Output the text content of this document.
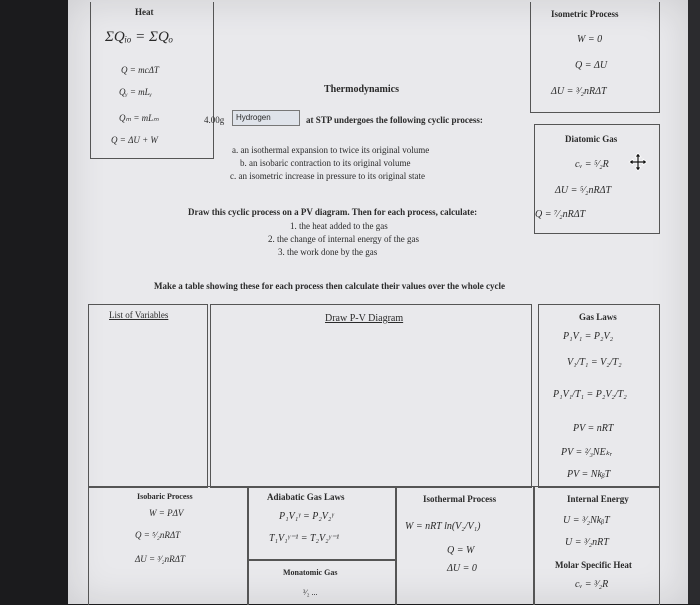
Heat
ΣQᵢₒ = ΣQₒ
Q = mcΔT
Qᵧ = mLᵧ
Qₘ = mLₘ
Q = ΔU + W
Isometric Process
W = 0
Q = ΔU
ΔU = ³⁄₂nRΔT
Thermodynamics
4.00g	Hydrogen	at STP undergoes the following cyclic process:
a. an isothermal expansion to twice its original volume
b. an isobaric contraction to its original volume
c. an isometric increase in pressure to its original state
Diatomic Gas
cᵥ = ⁵⁄₂R
ΔU = ⁵⁄₂nRΔT
Q = ⁷⁄₂nRΔT
Draw this cyclic process on a PV diagram. Then for each process, calculate:
1. the heat added to the gas
2. the change of internal energy of the gas
3. the work done by the gas
Make a table showing these for each process then calculate their values over the whole cycle
List of Variables	Draw P-V Diagram	Gas Laws
P₁V₁ = P₂V₂
V₁/T₁ = V₂/T₂
P₁V₁/T₁ = P₂V₂/T₂
PV = nRT
PV = ²⁄₃NEₖᵣ
PV = NkᵦT
Isobaric Process
W = PΔV
Q = ⁵⁄₂nRΔT
ΔU = ³⁄₂nRΔT
Adiabatic Gas Laws
P₁V₁ᵞ = P₂V₂ᵞ
T₁V₁ᵞ⁻¹ = T₂V₂ᵞ⁻¹
Monatomic Gas
³⁄₂ ...
Isothermal Process
W = nRT ln(V₂/V₁)
Q = W
ΔU = 0
Internal Energy
U = ³⁄₂NkᵦT
U = ³⁄₂nRT
Molar Specific Heat
cᵥ = ³⁄₂R
